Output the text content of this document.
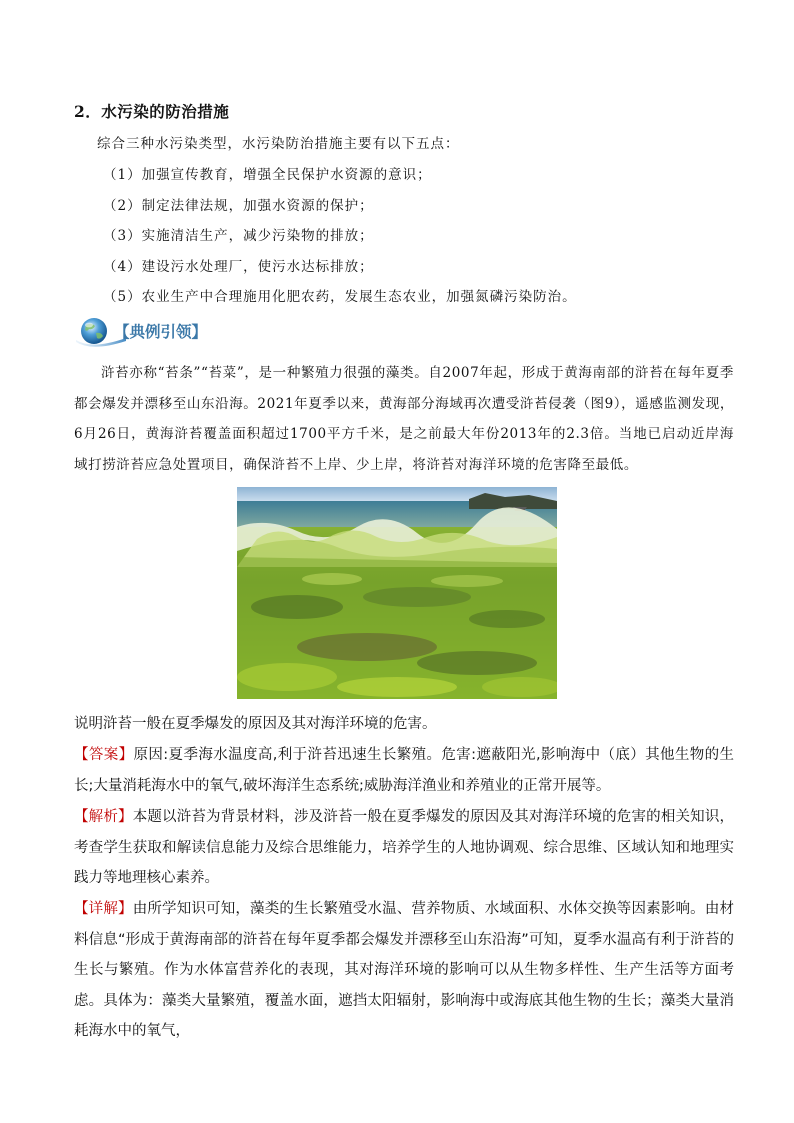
2．水污染的防治措施
综合三种水污染类型，水污染防治措施主要有以下五点：
（1）加强宣传教育，增强全民保护水资源的意识；
（2）制定法律法规，加强水资源的保护；
（3）实施清洁生产，减少污染物的排放；
（4）建设污水处理厂，使污水达标排放；
（5）农业生产中合理施用化肥农药，发展生态农业，加强氮磷污染防治。
【典例引领】

浒苔亦称“苔条”“苔菜”，是一种繁殖力很强的藻类。自2007年起，形成于黄海南部的浒苔在每年夏季都会爆发并漂移至山东沿海。2021年夏季以来，黄海部分海域再次遭受浒苔侵袭（图9），遥感监测发现，6月26日，黄海浒苔覆盖面积超过1700平方千米，是之前最大年份2013年的2.3倍。当地已启动近岸海域打捞浒苔应急处置项目，确保浒苔不上岸、少上岸，将浒苔对海洋环境的危害降至最低。

说明浒苔一般在夏季爆发的原因及其对海洋环境的危害。

【答案】原因:夏季海水温度高,利于浒苔迅速生长繁殖。危害:遮蔽阳光,影响海中（底）其他生物的生长;大量消耗海水中的氧气,破坏海洋生态系统;威胁海洋渔业和养殖业的正常开展等。

【解析】本题以浒苔为背景材料，涉及浒苔一般在夏季爆发的原因及其对海洋环境的危害的相关知识，考查学生获取和解读信息能力及综合思维能力，培养学生的人地协调观、综合思维、区域认知和地理实践力等地理核心素养。

【详解】由所学知识可知，藻类的生长繁殖受水温、营养物质、水域面积、水体交换等因素影响。由材料信息“形成于黄海南部的浒苔在每年夏季都会爆发并漂移至山东沿海”可知，夏季水温高有利于浒苔的生长与繁殖。作为水体富营养化的表现，其对海洋环境的影响可以从生物多样性、生产生活等方面考虑。具体为：藻类大量繁殖，覆盖水面，遮挡太阳辐射，影响海中或海底其他生物的生长；藻类大量消耗海水中的氧气，
